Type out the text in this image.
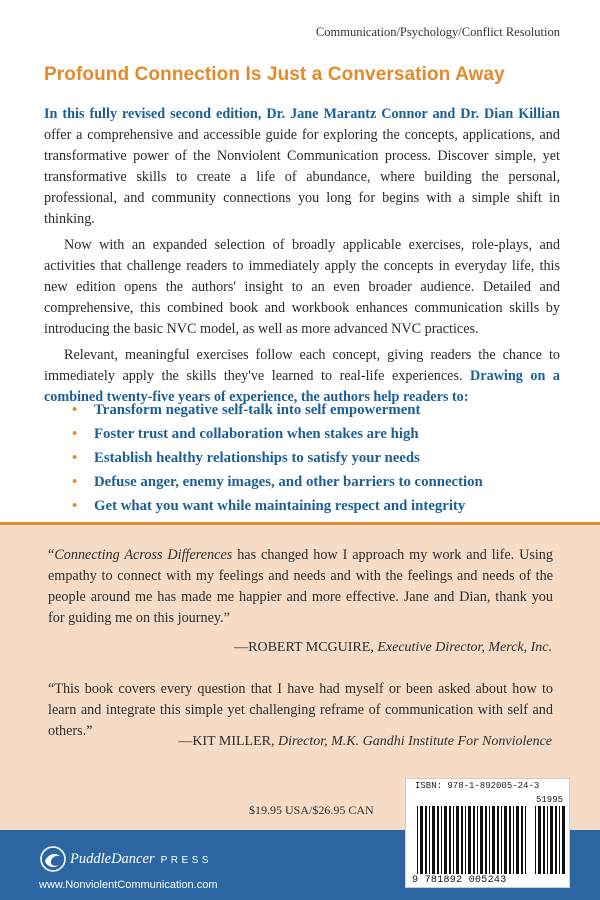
Communication/Psychology/Conflict Resolution
Profound Connection Is Just a Conversation Away

In this fully revised second edition, Dr. Jane Marantz Connor and Dr. Dian Killian offer a comprehensive and accessible guide for exploring the concepts, applications, and transformative power of the Nonviolent Communication process. Discover simple, yet transformative skills to create a life of abundance, where building the personal, professional, and community connections you long for begins with a simple shift in thinking.

Now with an expanded selection of broadly applicable exercises, role-plays, and activities that challenge readers to immediately apply the concepts in everyday life, this new edition opens the authors' insight to an even broader audience. Detailed and comprehensive, this combined book and workbook enhances communication skills by introducing the basic NVC model, as well as more advanced NVC practices.

Relevant, meaningful exercises follow each concept, giving readers the chance to immediately apply the skills they've learned to real-life experiences. Drawing on a combined twenty-five years of experience, the authors help readers to:

• Transform negative self-talk into self empowerment
• Foster trust and collaboration when stakes are high
• Establish healthy relationships to satisfy your needs
• Defuse anger, enemy images, and other barriers to connection
• Get what you want while maintaining respect and integrity
“Connecting Across Differences has changed how I approach my work and life. Using empathy to connect with my feelings and needs and with the feelings and needs of the people around me has made me happier and more effective. Jane and Dian, thank you for guiding me on this journey.”
—ROBERT MCGUIRE, Executive Director, Merck, Inc.
“This book covers every question that I have had myself or been asked about how to learn and integrate this simple yet challenging reframe of communication with self and others.”
—KIT MILLER, Director, M.K. Gandhi Institute For Nonviolence
$19.95 USA/$26.95 CAN
PuddleDancer PRESS
www.NonviolentCommunication.com
ISBN: 978-1-892005-24-3
51995
9 781892 005243
